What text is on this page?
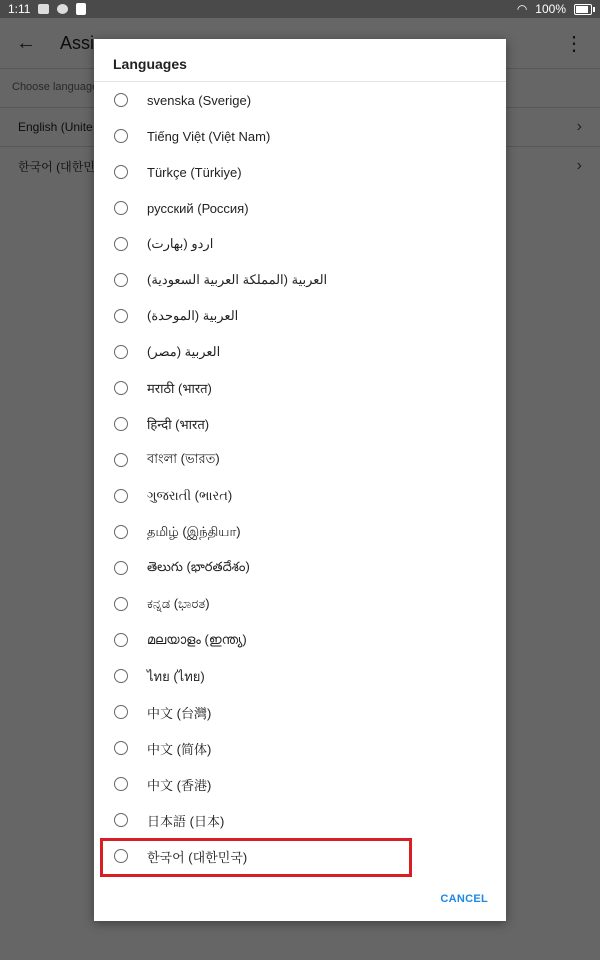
1:11	◠ 100%
Languages
svenska (Sverige)
Tiếng Việt (Việt Nam)
Türkçe (Türkiye)
русский (Россия)
اردو (بھارت)
العربية (المملكة العربية السعودية)
العربية (الموحدة)
العربية (مصر)
मराठी (भारत)
हिन्दी (भारत)
বাংলা (ভারত)
ગુજરાતી (ભારત)
தமிழ் (இந்தியா)
తెలుగు (భారతదేశం)
ಕನ್ನಡ (ಭಾರತ)
മലയാളം (ഇന്ത്യ)
ไทย (ไทย)
中文 (台灣)
中文 (简体)
中文 (香港)
日本語 (日本)
한국어 (대한민국)
CANCEL
